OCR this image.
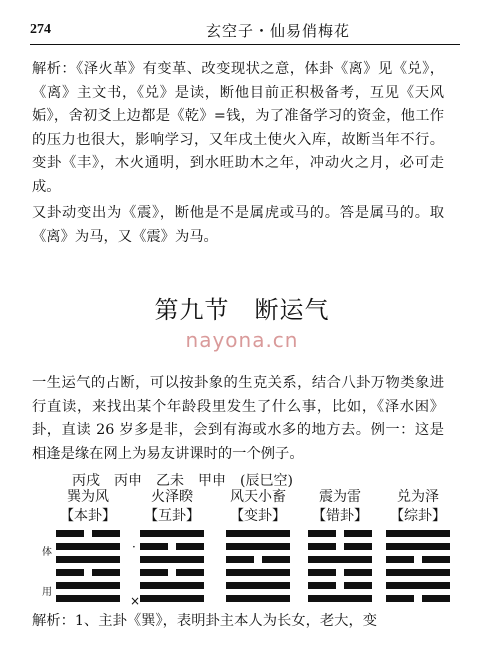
274	玄空子・仙易俏梅花

解析：《泽火革》有变革、改变现状之意，体卦《离》见《兑》，《离》主文书，《兑》是读，断他目前正积极备考，互见《天风姤》，舍初爻上边都是《乾》=钱，为了准备学习的资金，他工作的压力也很大，影响学习，又年戌土使火入库，故断当年不行。变卦《丰》，木火通明，到水旺助木之年，冲动火之月，必可走成。

又卦动变出为《震》，断他是不是属虎或马的。答是属马的。取《离》为马，又《震》为马。

第九节　断运气
nayona.cn

一生运气的占断，可以按卦象的生克关系，结合八卦万物类象进行直读，来找出某个年龄段里发生了什么事，比如，《泽水困》卦，直读 26 岁多是非，会到有海或水多的地方去。例一：这是相逢是缘在网上为易友讲课时的一个例子。

丙戌　丙申　乙未　甲申　(辰巳空)
巽为风
【本卦】
火泽睽
【互卦】
风天小畜
【变卦】
震为雷
【错卦】
兑为泽
【综卦】
体
用
·
×

解析：1、主卦《巽》，表明卦主本人为长女，老大，变
